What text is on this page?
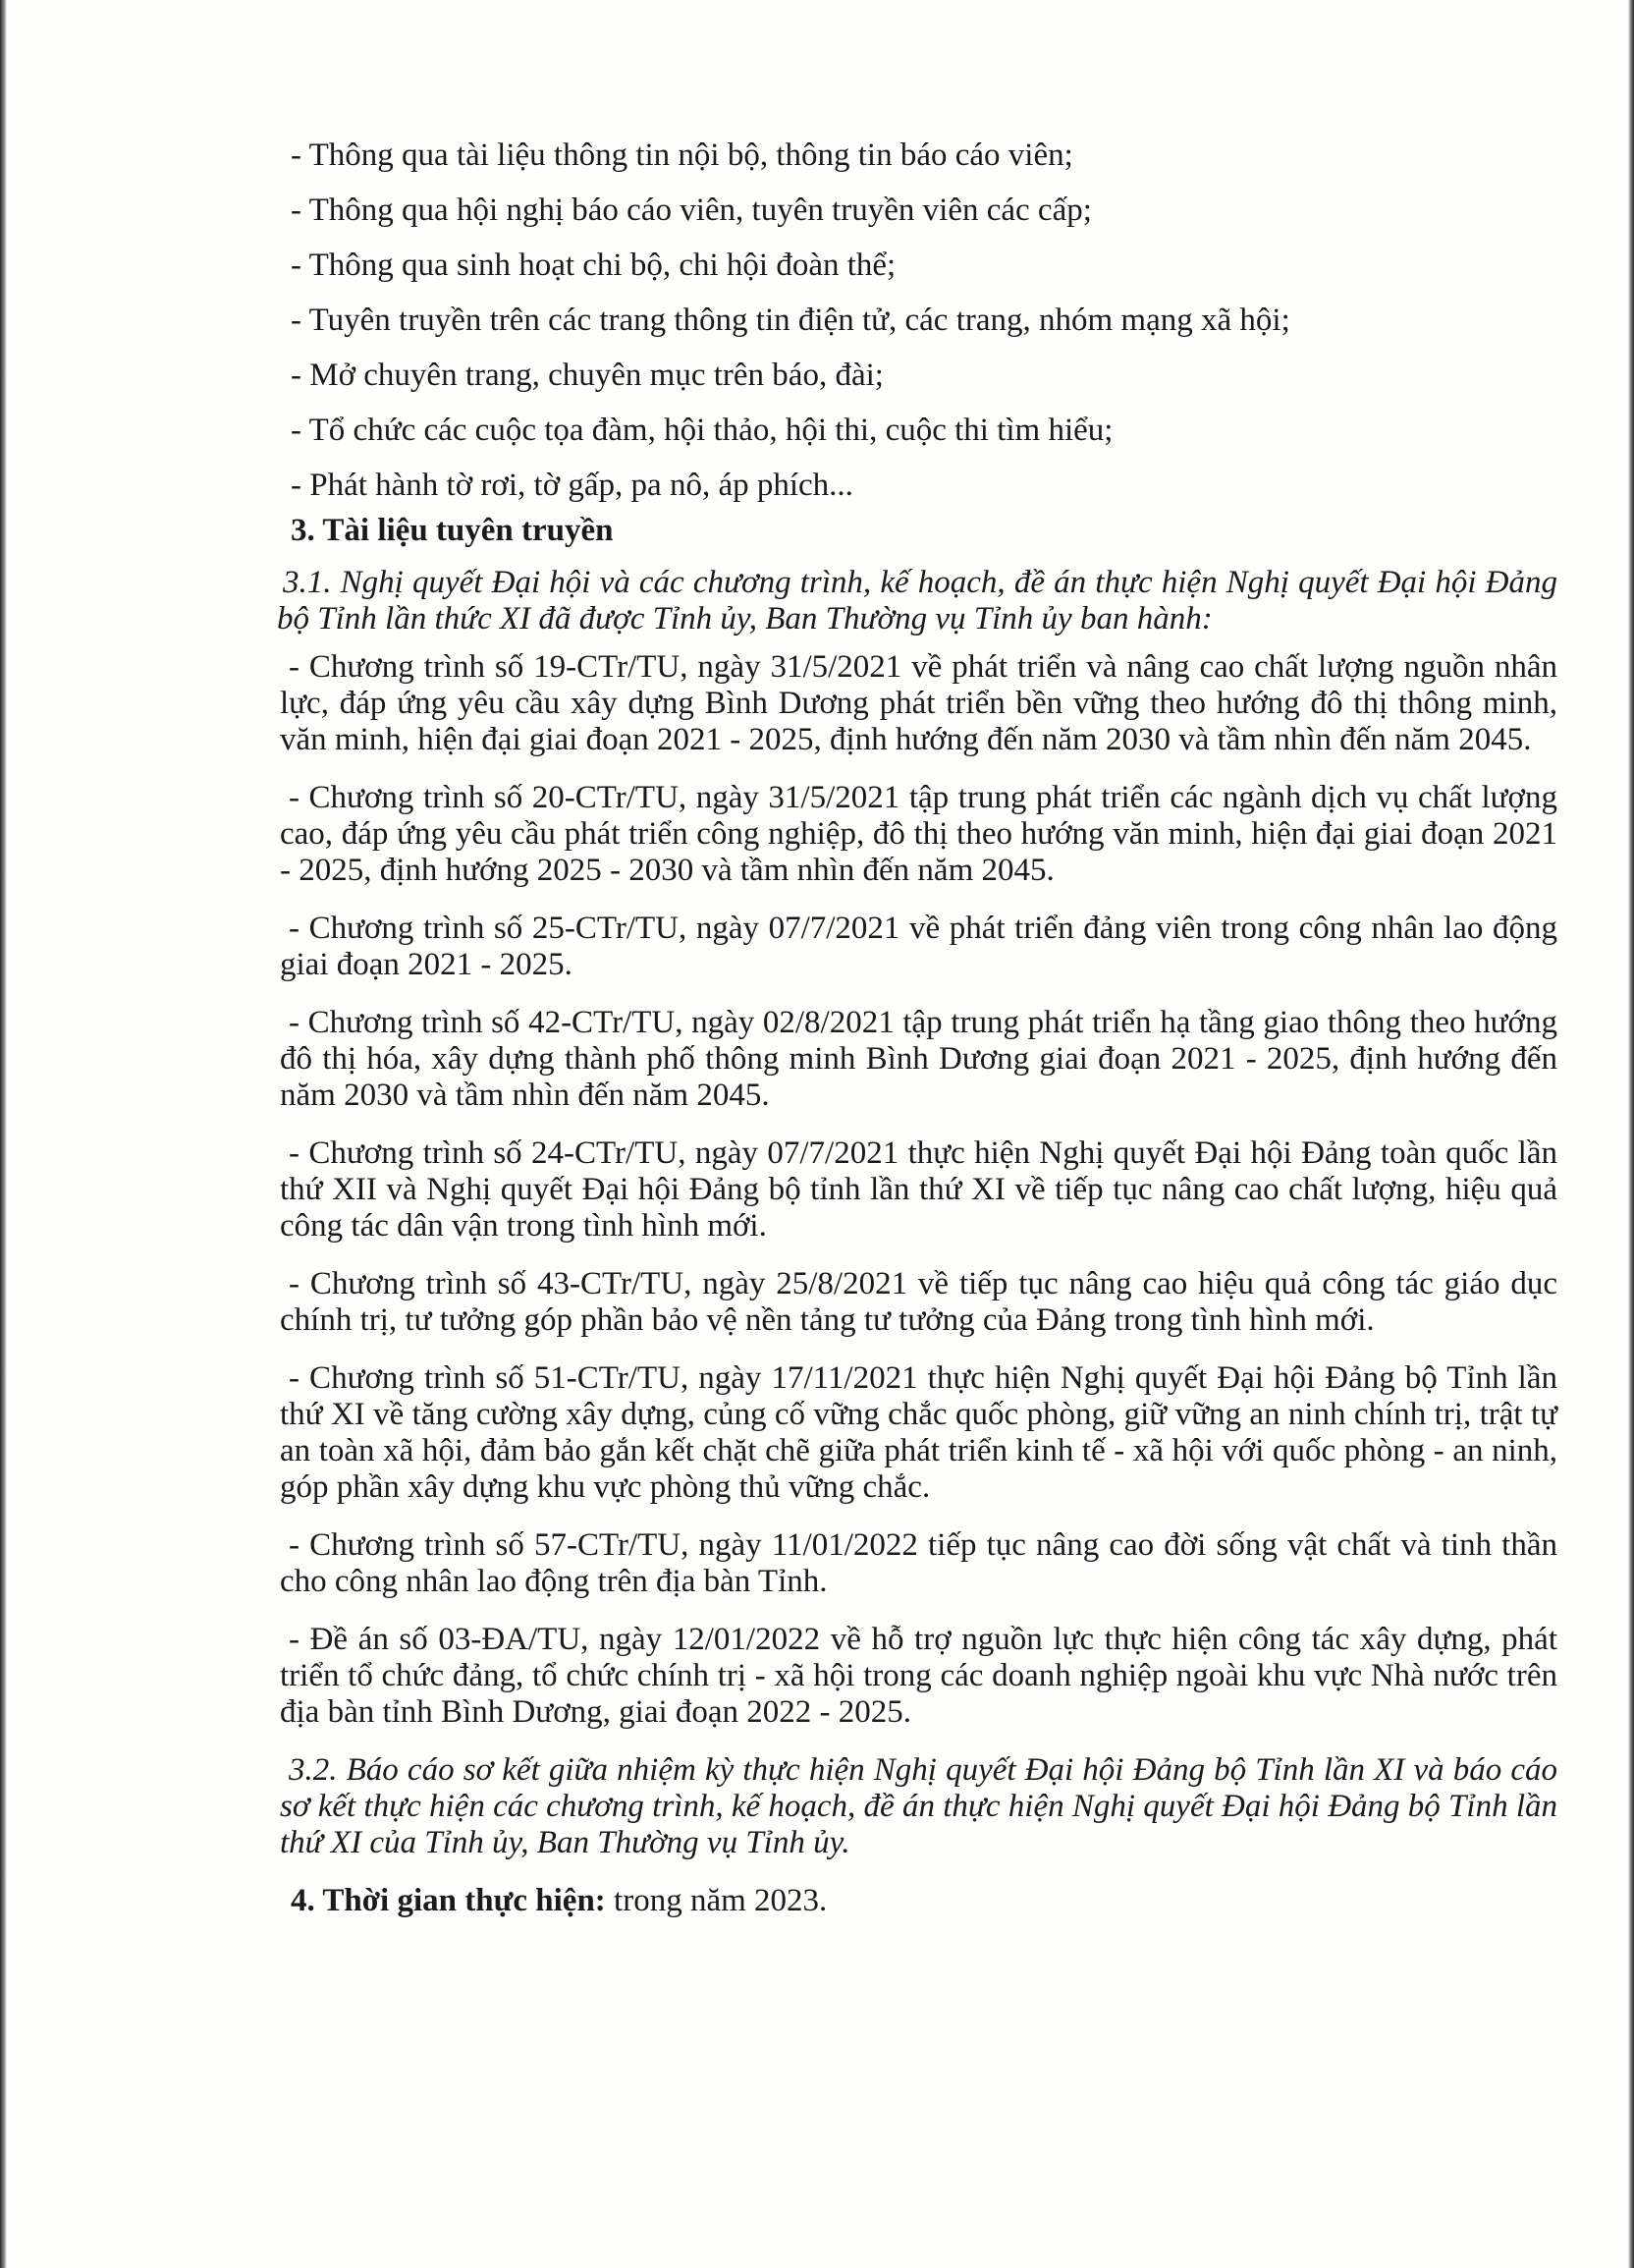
- Thông qua tài liệu thông tin nội bộ, thông tin báo cáo viên;

- Thông qua hội nghị báo cáo viên, tuyên truyền viên các cấp;

- Thông qua sinh hoạt chi bộ, chi hội đoàn thể;

- Tuyên truyền trên các trang thông tin điện tử, các trang, nhóm mạng xã hội;

- Mở chuyên trang, chuyên mục trên báo, đài;

- Tổ chức các cuộc tọa đàm, hội thảo, hội thi, cuộc thi tìm hiểu;

- Phát hành tờ rơi, tờ gấp, pa nô, áp phích...

3. Tài liệu tuyên truyền

3.1. Nghị quyết Đại hội và các chương trình, kế hoạch, đề án thực hiện Nghị quyết Đại hội Đảng bộ Tỉnh lần thức XI đã được Tỉnh ủy, Ban Thường vụ Tỉnh ủy ban hành:

- Chương trình số 19-CTr/TU, ngày 31/5/2021 về phát triển và nâng cao chất lượng nguồn nhân lực, đáp ứng yêu cầu xây dựng Bình Dương phát triển bền vững theo hướng đô thị thông minh, văn minh, hiện đại giai đoạn 2021 - 2025, định hướng đến năm 2030 và tầm nhìn đến năm 2045.

- Chương trình số 20-CTr/TU, ngày 31/5/2021 tập trung phát triển các ngành dịch vụ chất lượng cao, đáp ứng yêu cầu phát triển công nghiệp, đô thị theo hướng văn minh, hiện đại giai đoạn 2021 - 2025, định hướng 2025 - 2030 và tầm nhìn đến năm 2045.

- Chương trình số 25-CTr/TU, ngày 07/7/2021 về phát triển đảng viên trong công nhân lao động giai đoạn 2021 - 2025.

- Chương trình số 42-CTr/TU, ngày 02/8/2021 tập trung phát triển hạ tầng giao thông theo hướng đô thị hóa, xây dựng thành phố thông minh Bình Dương giai đoạn 2021 - 2025, định hướng đến năm 2030 và tầm nhìn đến năm 2045.

- Chương trình số 24-CTr/TU, ngày 07/7/2021 thực hiện Nghị quyết Đại hội Đảng toàn quốc lần thứ XII và Nghị quyết Đại hội Đảng bộ tỉnh lần thứ XI về tiếp tục nâng cao chất lượng, hiệu quả công tác dân vận trong tình hình mới.

- Chương trình số 43-CTr/TU, ngày 25/8/2021 về tiếp tục nâng cao hiệu quả công tác giáo dục chính trị, tư tưởng góp phần bảo vệ nền tảng tư tưởng của Đảng trong tình hình mới.

- Chương trình số 51-CTr/TU, ngày 17/11/2021 thực hiện Nghị quyết Đại hội Đảng bộ Tỉnh lần thứ XI về tăng cường xây dựng, củng cố vững chắc quốc phòng, giữ vững an ninh chính trị, trật tự an toàn xã hội, đảm bảo gắn kết chặt chẽ giữa phát triển kinh tế - xã hội với quốc phòng - an ninh, góp phần xây dựng khu vực phòng thủ vững chắc.

- Chương trình số 57-CTr/TU, ngày 11/01/2022 tiếp tục nâng cao đời sống vật chất và tinh thần cho công nhân lao động trên địa bàn Tỉnh.

- Đề án số 03-ĐA/TU, ngày 12/01/2022 về hỗ trợ nguồn lực thực hiện công tác xây dựng, phát triển tổ chức đảng, tổ chức chính trị - xã hội trong các doanh nghiệp ngoài khu vực Nhà nước trên địa bàn tỉnh Bình Dương, giai đoạn 2022 - 2025.

3.2. Báo cáo sơ kết giữa nhiệm kỳ thực hiện Nghị quyết Đại hội Đảng bộ Tỉnh lần XI và báo cáo sơ kết thực hiện các chương trình, kế hoạch, đề án thực hiện Nghị quyết Đại hội Đảng bộ Tỉnh lần thứ XI của Tỉnh ủy, Ban Thường vụ Tỉnh ủy.

4. Thời gian thực hiện: trong năm 2023.
